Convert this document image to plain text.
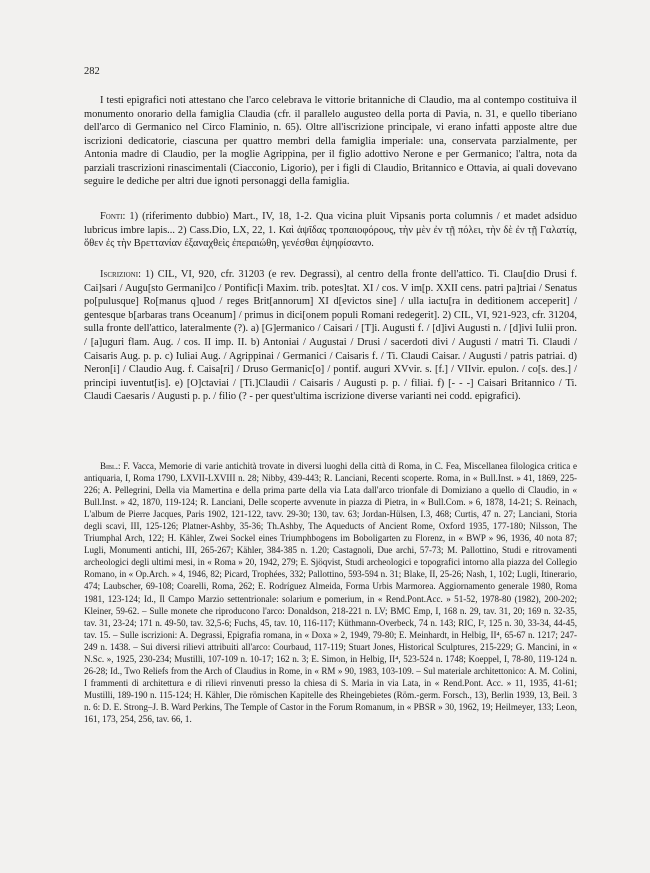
282

I testi epigrafici noti attestano che l'arco celebrava le vittorie britanniche di Claudio, ma al contempo costituiva il monumento onorario della famiglia Claudia (cfr. il parallelo augusteo della porta di Pavia, n. 31, e quello tiberiano dell'arco di Germanico nel Circo Flaminio, n. 65). Oltre all'iscrizione principale, vi erano infatti apposte altre due iscrizioni dedicatorie, ciascuna per quattro membri della famiglia imperiale: una, conservata parzialmente, per Antonia madre di Claudio, per la moglie Agrippina, per il figlio adottivo Nerone e per Germanico; l'altra, nota da parziali trascrizioni rinascimentali (Ciacconio, Ligorio), per i figli di Claudio, Britannico e Ottavia, ai quali dovevano seguire le dediche per altri due ignoti personaggi della famiglia.

Fonti: 1) (riferimento dubbio) Mart., IV, 18, 1-2. Qua vicina pluit Vipsanis porta columnis / et madet adsiduo lubricus imbre lapis... 2) Cass.Dio, LX, 22, 1. Καὶ ἁψῖδας τροπαιοφόρους, τὴν μὲν ἐν τῇ πόλει, τὴν δὲ ἐν τῇ Γαλατίᾳ, ὅθεν ἐς τὴν Βρεττανίαν ἐξαναχθεὶς ἐπεραιώθη, γενέσθαι ἐψηφίσαντο.

Iscrizioni: 1) CIL, VI, 920, cfr. 31203 (e rev. Degrassi), al centro della fronte dell'attico. Ti. Clau[dio Drusi f. Cai]sari / Augu[sto Germani]co / Pontific[i Maxim. trib. potes]tat. XI / cos. V im[p. XXII cens. patri pa]triai / Senatus po[pulusque] Ro[manus q]uod / reges Brit[annorum] XI d[evictos sine] / ulla iactu[ra in deditionem acceperit] / gentesque b[arbaras trans Oceanum] / primus in dici[onem populi Romani redegerit]. 2) CIL, VI, 921-923, cfr. 31204, sulla fronte dell'attico, lateralmente (?). a) [G]ermanico / Caisari / [T]i. Augusti f. / [d]ivi Augusti n. / [d]ivi Iulii pron. / [a]uguri flam. Aug. / cos. II imp. II. b) Antoniai / Augustai / Drusi / sacerdoti divi / Augusti / matri Ti. Claudi / Caisaris Aug. p. p. c) Iuliai Aug. / Agrippinai / Germanici / Caisaris f. / Ti. Claudi Caisar. / Augusti / patris patriai. d) Neron[i] / Claudio Aug. f. Caisa[ri] / Druso Germanic[o] / pontif. auguri XVvir. s. [f.] / VIIvir. epulon. / co[s. des.] / principi iuventut[is]. e) [O]ctaviai / [Ti.]Claudii / Caisaris / Augusti p. p. / filiai. f) [- - -] Caisari Britannico / Ti. Claudi Caesaris / Augusti p. p. / filio (? - per quest'ultima iscrizione diverse varianti nei codd. epigrafici).

Bibl.: F. Vacca, Memorie di varie antichità trovate in diversi luoghi della città di Roma, in C. Fea, Miscellanea filologica critica e antiquaria, I, Roma 1790, LXVII-LXVIII n. 28; Nibby, 439-443; R. Lanciani, Recenti scoperte. Roma, in « Bull.Inst. » 41, 1869, 225-226; A. Pellegrini, Della via Mamertina e della prima parte della via Lata dall'arco trionfale di Domiziano a quello di Claudio, in « Bull.Inst. » 42, 1870, 119-124; R. Lanciani, Delle scoperte avvenute in piazza di Pietra, in « Bull.Com. » 6, 1878, 14-21; S. Reinach, L'album de Pierre Jacques, Paris 1902, 121-122, tavv. 29-30; 130, tav. 63; Jordan-Hülsen, I.3, 468; Curtis, 47 n. 27; Lanciani, Storia degli scavi, III, 125-126; Platner-Ashby, 35-36; Th.Ashby, The Aqueducts of Ancient Rome, Oxford 1935, 177-180; Nilsson, The Triumphal Arch, 122; H. Kähler, Zwei Sockel eines Triumphbogens im Boboligarten zu Florenz, in « BWP » 96, 1936, 40 nota 87; Lugli, Monumenti antichi, III, 265-267; Kähler, 384-385 n. 1.20; Castagnoli, Due archi, 57-73; M. Pallottino, Studi e ritrovamenti archeologici degli ultimi mesi, in « Roma » 20, 1942, 279; E. Sjöqvist, Studi archeologici e topografici intorno alla piazza del Collegio Romano, in « Op.Arch. » 4, 1946, 82; Picard, Trophées, 332; Pallottino, 593-594 n. 31; Blake, II, 25-26; Nash, 1, 102; Lugli, Itinerario, 474; Laubscher, 69-108; Coarelli, Roma, 262; E. Rodríguez Almeida, Forma Urbis Marmorea. Aggiornamento generale 1980, Roma 1981, 123-124; Id., Il Campo Marzio settentrionale: solarium e pomerium, in « Rend.Pont.Acc. » 51-52, 1978-80 (1982), 200-202; Kleiner, 59-62. – Sulle monete che riproducono l'arco: Donaldson, 218-221 n. LV; BMC Emp, I, 168 n. 29, tav. 31, 20; 169 n. 32-35, tav. 31, 23-24; 171 n. 49-50, tav. 32,5-6; Fuchs, 45, tav. 10, 116-117; Küthmann-Overbeck, 74 n. 143; RIC, I², 125 n. 30, 33-34, 44-45, tav. 15. – Sulle iscrizioni: A. Degrassi, Epigrafia romana, in « Doxa » 2, 1949, 79-80; E. Meinhardt, in Helbig, II⁴, 65-67 n. 1217; 247-249 n. 1438. – Sui diversi rilievi attribuiti all'arco: Courbaud, 117-119; Stuart Jones, Historical Sculptures, 215-229; G. Mancini, in « N.Sc. », 1925, 230-234; Mustilli, 107-109 n. 10-17; 162 n. 3; E. Simon, in Helbig, II⁴, 523-524 n. 1748; Koeppel, I, 78-80, 119-124 n. 26-28; Id., Two Reliefs from the Arch of Claudius in Rome, in « RM » 90, 1983, 103-109. – Sul materiale architettonico: A. M. Colini, I frammenti di architettura e di rilievi rinvenuti presso la chiesa di S. Maria in via Lata, in « Rend.Pont. Acc. » 11, 1935, 41-61; Mustilli, 189-190 n. 115-124; H. Kähler, Die römischen Kapitelle des Rheingebietes (Röm.-germ. Forsch., 13), Berlin 1939, 13, Beil. 3 n. 6: D. E. Strong–J. B. Ward Perkins, The Temple of Castor in the Forum Romanum, in « PBSR » 30, 1962, 19; Heilmeyer, 133; Leon, 161, 173, 254, 256, tav. 66, 1.
